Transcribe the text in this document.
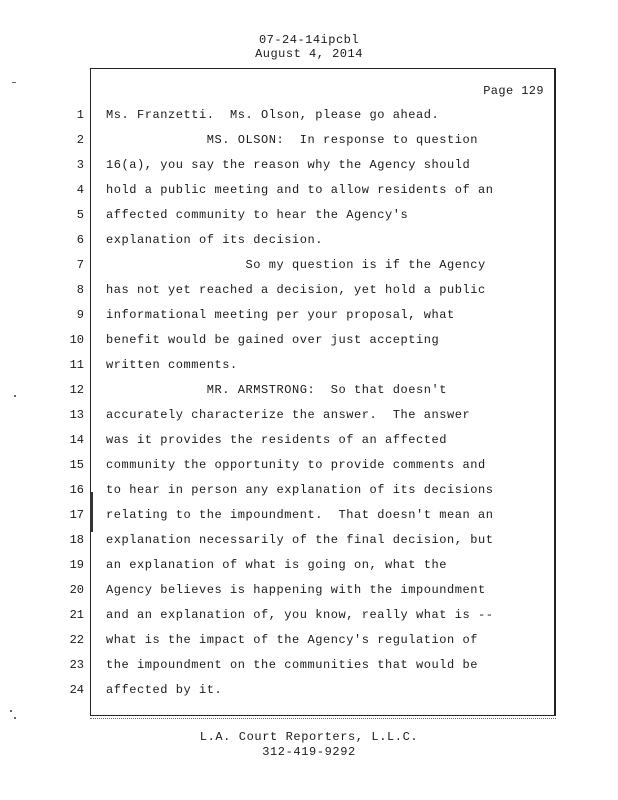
07-24-14ipcbl
August 4, 2014
Page 129
1 Ms. Franzetti.  Ms. Olson, please go ahead.
2 MS. OLSON:  In response to question
3 16(a), you say the reason why the Agency should
4 hold a public meeting and to allow residents of an
5 affected community to hear the Agency's
6 explanation of its decision.
7 So my question is if the Agency
8 has not yet reached a decision, yet hold a public
9 informational meeting per your proposal, what
10 benefit would be gained over just accepting
11 written comments.
12 MR. ARMSTRONG:  So that doesn't
13 accurately characterize the answer.  The answer
14 was it provides the residents of an affected
15 community the opportunity to provide comments and
16 to hear in person any explanation of its decisions
17 relating to the impoundment.  That doesn't mean an
18 explanation necessarily of the final decision, but
19 an explanation of what is going on, what the
20 Agency believes is happening with the impoundment
21 and an explanation of, you know, really what is --
22 what is the impact of the Agency's regulation of
23 the impoundment on the communities that would be
24 affected by it.
L.A. Court Reporters, L.L.C.
312-419-9292
